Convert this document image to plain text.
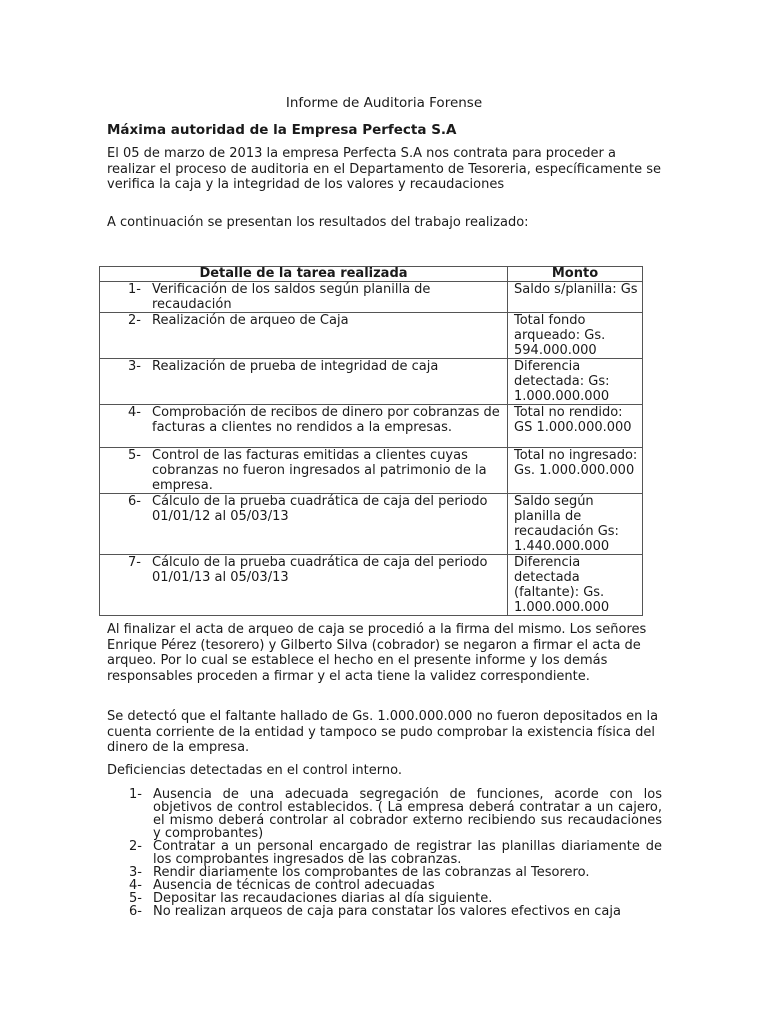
Informe de Auditoria Forense
Máxima autoridad de la Empresa Perfecta S.A

El 05 de marzo de 2013 la empresa Perfecta S.A nos contrata para proceder a realizar el proceso de auditoria en el Departamento de Tesoreria, específicamente se verifica la caja y la integridad de los valores y recaudaciones

A continuación se presentan los resultados del trabajo realizado:

Detalle de la tarea realizada	Monto

1- Verificación de los saldos según planilla de recaudación	Saldo s/planilla: Gs

2- Realización de arqueo de Caja	Total fondo arqueado: Gs. 594.000.000

3- Realización de prueba de integridad de caja	Diferencia detectada: Gs: 1.000.000.000

4- Comprobación de recibos de dinero por cobranzas de facturas a clientes no rendidos a la empresas.	Total no rendido: GS 1.000.000.000

5- Control de las facturas emitidas a clientes cuyas cobranzas no fueron ingresados al patrimonio de la empresa.	Total no ingresado: Gs. 1.000.000.000

6- Cálculo de la prueba cuadrática de caja del periodo 01/01/12 al 05/03/13	Saldo según planilla de recaudación Gs: 1.440.000.000

7- Cálculo de la prueba cuadrática de caja del periodo 01/01/13 al 05/03/13	Diferencia detectada (faltante): Gs. 1.000.000.000

Al finalizar el acta de arqueo de caja se procedió a la firma del mismo. Los señores Enrique Pérez (tesorero) y Gilberto Silva (cobrador) se negaron a firmar el acta de arqueo. Por lo cual se establece el hecho en el presente informe y los demás responsables proceden a firmar y el acta tiene la validez correspondiente.

Se detectó que el faltante hallado de Gs. 1.000.000.000 no fueron depositados en la cuenta corriente de la entidad y tampoco se pudo comprobar la existencia física del dinero de la empresa.

Deficiencias detectadas en el control interno.

1- Ausencia de una adecuada segregación de funciones, acorde con los objetivos de control establecidos. ( La empresa deberá contratar a un cajero, el mismo deberá controlar al cobrador externo recibiendo sus recaudaciones y comprobantes)
2- Contratar a un personal encargado de registrar las planillas diariamente de los comprobantes ingresados de las cobranzas.
3- Rendir diariamente los comprobantes de las cobranzas al Tesorero.
4- Ausencia de técnicas de control adecuadas
5- Depositar las recaudaciones diarias al día siguiente.
6- No realizan arqueos de caja para constatar los valores efectivos en caja
